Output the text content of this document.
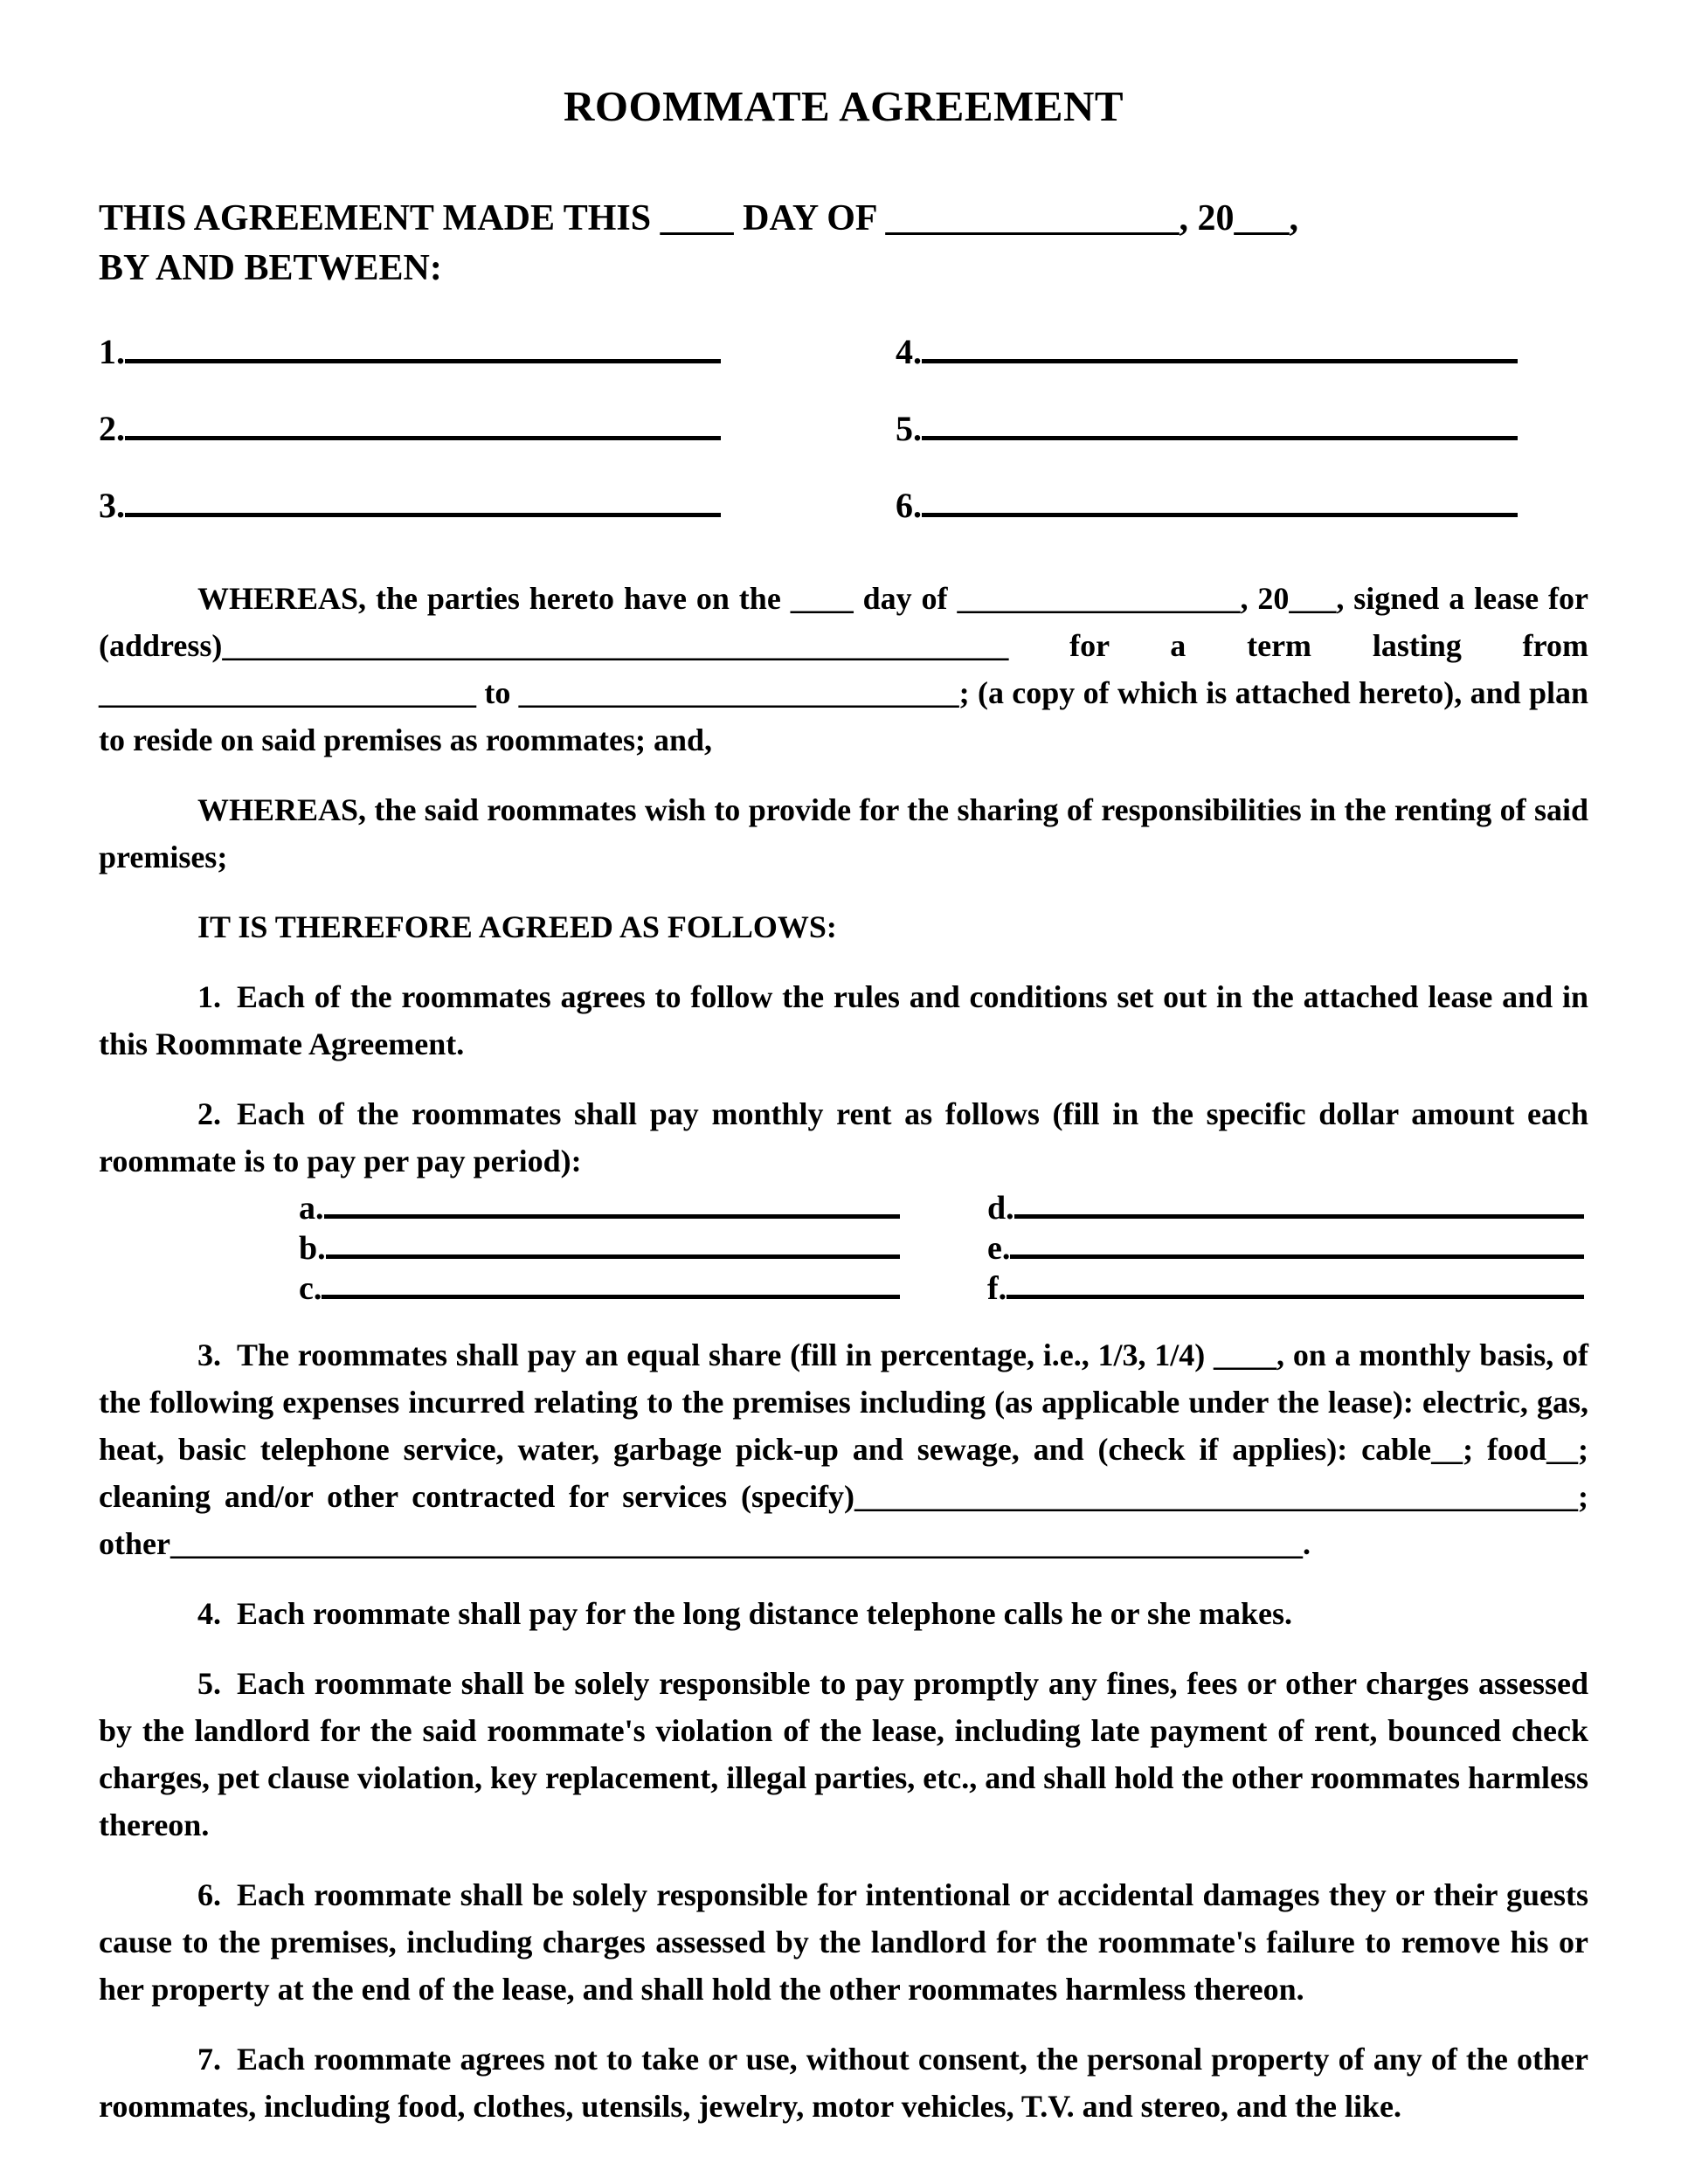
ROOMMATE AGREEMENT
THIS AGREEMENT MADE THIS ____ DAY OF ________________, 20___,
BY AND BETWEEN:
1.	4.
2.	5.
3.	6.

WHEREAS, the parties hereto have on the ____ day of __________________, 20___, signed a lease for (address)__________________________________________________ for a term lasting from ________________________ to ____________________________; (a copy of which is attached hereto), and plan to reside on said premises as roommates; and,

WHEREAS, the said roommates wish to provide for the sharing of responsibilities in the renting of said premises;

IT IS THEREFORE AGREED AS FOLLOWS:

1. Each of the roommates agrees to follow the rules and conditions set out in the attached lease and in this Roommate Agreement.

2. Each of the roommates shall pay monthly rent as follows (fill in the specific dollar amount each roommate is to pay per pay period):

a.	d.
b.	e.
c.	f.

3. The roommates shall pay an equal share (fill in percentage, i.e., 1/3, 1/4) ____, on a monthly basis, of the following expenses incurred relating to the premises including (as applicable under the lease): electric, gas, heat, basic telephone service, water, garbage pick-up and sewage, and (check if applies): cable__; food__; cleaning and/or other contracted for services (specify)______________________________________________; other________________________________________________________________________.

4. Each roommate shall pay for the long distance telephone calls he or she makes.

5. Each roommate shall be solely responsible to pay promptly any fines, fees or other charges assessed by the landlord for the said roommate's violation of the lease, including late payment of rent, bounced check charges, pet clause violation, key replacement, illegal parties, etc., and shall hold the other roommates harmless thereon.

6. Each roommate shall be solely responsible for intentional or accidental damages they or their guests cause to the premises, including charges assessed by the landlord for the roommate's failure to remove his or her property at the end of the lease, and shall hold the other roommates harmless thereon.

7. Each roommate agrees not to take or use, without consent, the personal property of any of the other roommates, including food, clothes, utensils, jewelry, motor vehicles, T.V. and stereo, and the like.
